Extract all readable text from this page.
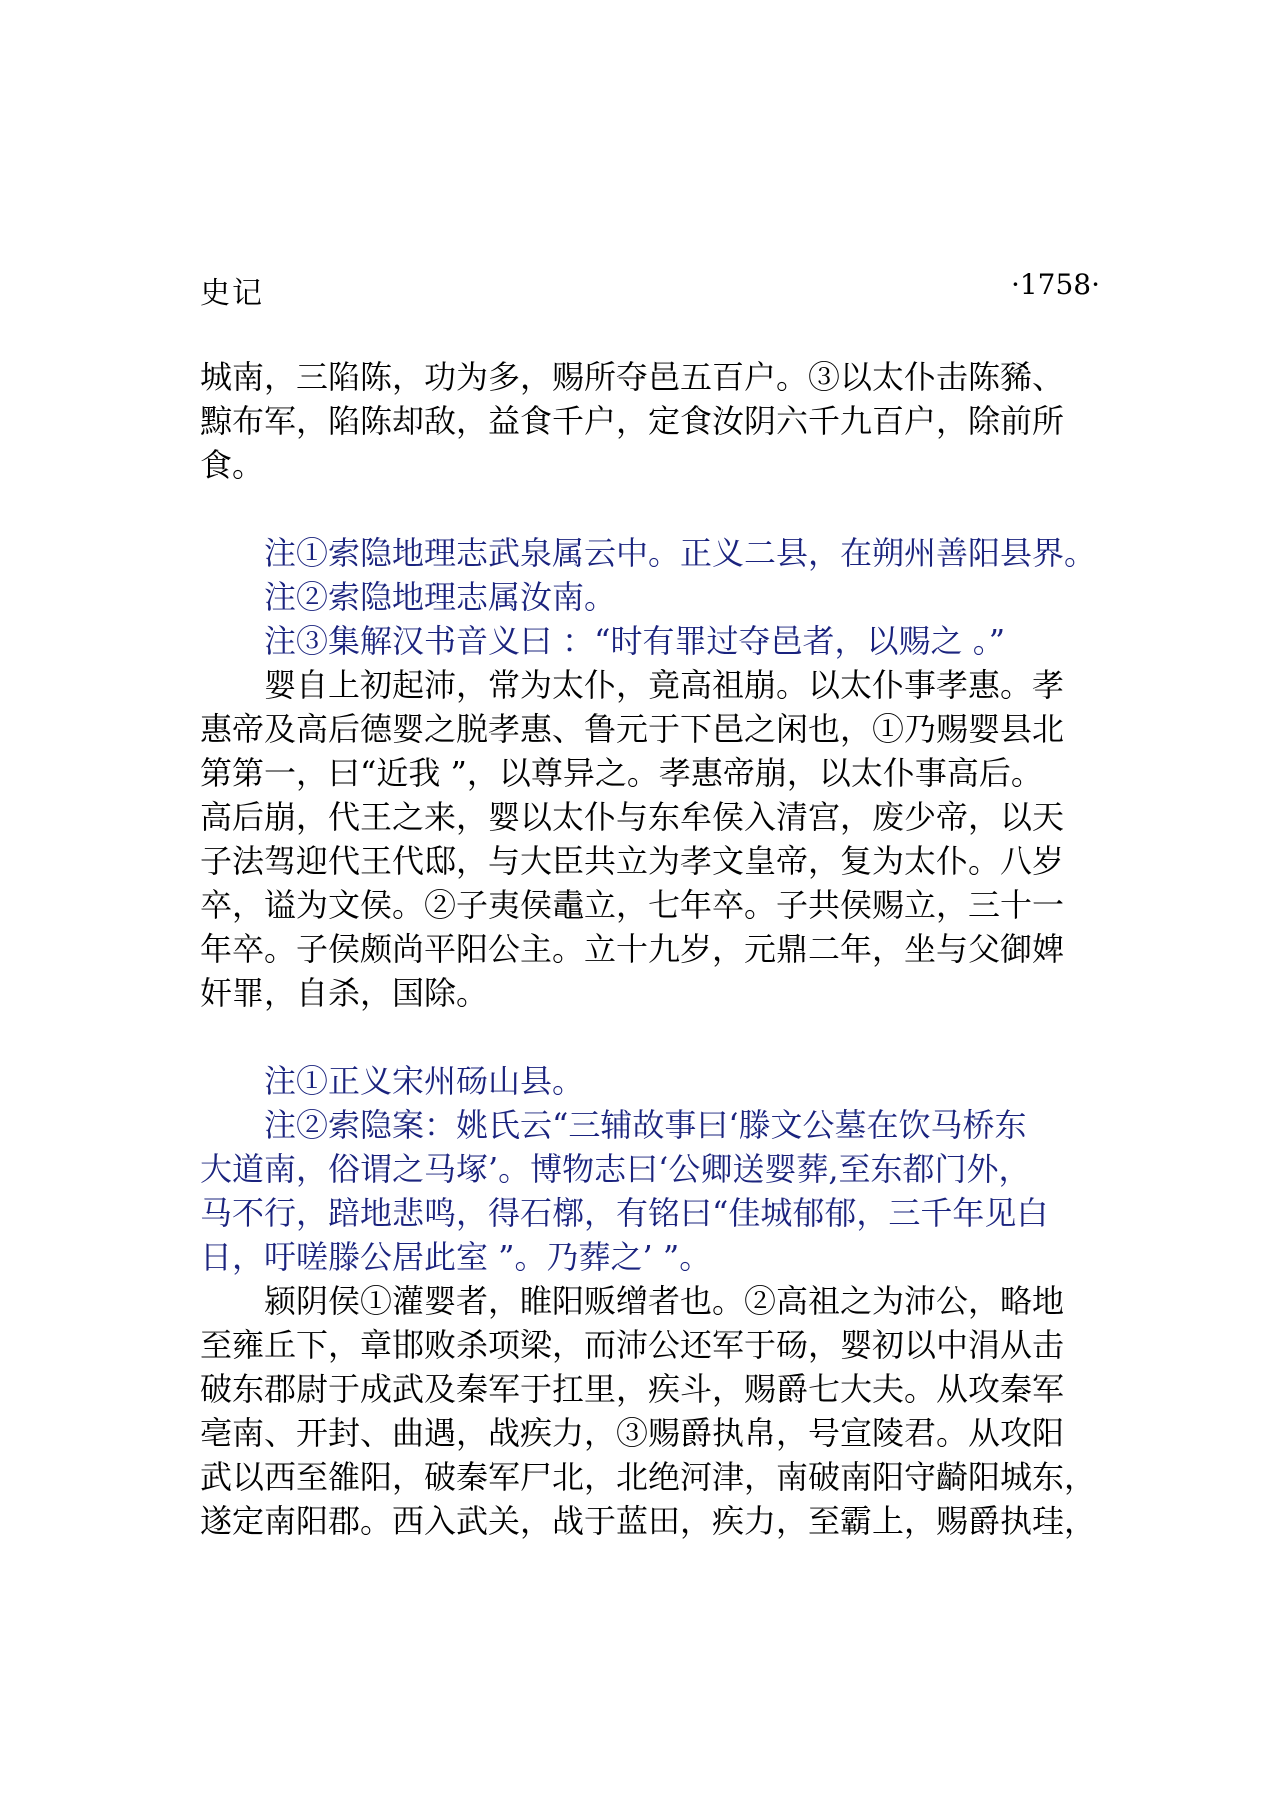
史记	·1758·
城南，三陷陈，功为多，赐所夺邑五百户。③以太仆击陈豨、
黥布军，陷陈却敌，益食千户，定食汝阴六千九百户，除前所
食。
注①索隐地理志武泉属云中。正义二县，在朔州善阳县界。
注②索隐地理志属汝南。
注③集解汉书音义曰 ：“时有罪过夺邑者，以赐之 。”
婴自上初起沛，常为太仆，竟高祖崩。以太仆事孝惠。孝
惠帝及高后德婴之脱孝惠、鲁元于下邑之闲也，①乃赐婴县北
第第一，曰“近我 ”，以尊异之。孝惠帝崩，以太仆事高后。
高后崩，代王之来，婴以太仆与东牟侯入清宫，废少帝，以天
子法驾迎代王代邸，与大臣共立为孝文皇帝，复为太仆。八岁
卒，谥为文侯。②子夷侯鼃立，七年卒。子共侯赐立，三十一
年卒。子侯颇尚平阳公主。立十九岁，元鼎二年，坐与父御婢
奸罪，自杀，国除。
注①正义宋州砀山县。
注②索隐案：姚氏云“三辅故事曰‘滕文公墓在饮马桥东
大道南，俗谓之马塚’。博物志曰‘公卿送婴葬,至东都门外，
马不行，踣地悲鸣，得石槨，有铭曰“佳城郁郁，三千年见白
日，吁嗟滕公居此室 ”。乃葬之’ ”。
颍阴侯①灌婴者，睢阳贩缯者也。②高祖之为沛公，略地
至雍丘下，章邯败杀项梁，而沛公还军于砀，婴初以中涓从击
破东郡尉于成武及秦军于扛里，疾斗，赐爵七大夫。从攻秦军
亳南、开封、曲遇，战疾力，③赐爵执帛，号宣陵君。从攻阳
武以西至雒阳，破秦军尸北，北绝河津，南破南阳守齮阳城东，
遂定南阳郡。西入武关，战于蓝田，疾力，至霸上，赐爵执珪，
